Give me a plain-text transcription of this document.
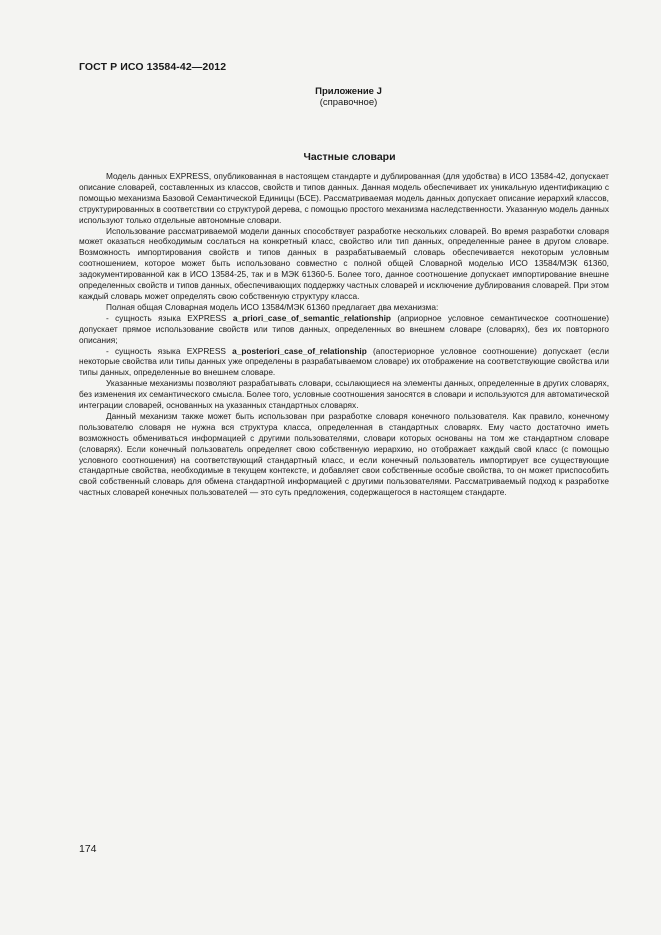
ГОСТ Р ИСО 13584-42—2012
Приложение J
(справочное)
Частные словари

Модель данных EXPRESS, опубликованная в настоящем стандарте и дублированная (для удобства) в ИСО 13584-42, допускает описание словарей, составленных из классов, свойств и типов данных. Данная модель обеспечивает их уникальную идентификацию с помощью механизма Базовой Семантической Единицы (БСЕ). Рассматриваемая модель данных допускает описание иерархий классов, структурированных в соответствии со структурой дерева, с помощью простого механизма наследственности. Указанную модель данных используют только отдельные автономные словари.

Использование рассматриваемой модели данных способствует разработке нескольких словарей. Во время разработки словаря может оказаться необходимым сослаться на конкретный класс, свойство или тип данных, определенные ранее в другом словаре. Возможность импортирования свойств и типов данных в разрабатываемый словарь обеспечивается некоторым условным соотношением, которое может быть использовано совместно с полной общей Словарной моделью ИСО 13584/МЭК 61360, задокументированной как в ИСО 13584-25, так и в МЭК 61360-5. Более того, данное соотношение допускает импортирование внешне определенных свойств и типов данных, обеспечивающих поддержку частных словарей и исключение дублирования словарей. При этом каждый словарь может определять свою собственную структуру класса.

Полная общая Словарная модель ИСО 13584/МЭК 61360 предлагает два механизма:

- сущность языка EXPRESS a_priori_case_of_semantic_relationship (априорное условное семантическое соотношение) допускает прямое использование свойств или типов данных, определенных во внешнем словаре (словарях), без их повторного описания;

- сущность языка EXPRESS a_posteriori_case_of_relationship (апостериорное условное соотношение) допускает (если некоторые свойства или типы данных уже определены в разрабатываемом словаре) их отображение на соответствующие свойства или типы данных, определенные во внешнем словаре.

Указанные механизмы позволяют разрабатывать словари, ссылающиеся на элементы данных, определенные в других словарях, без изменения их семантического смысла. Более того, условные соотношения заносятся в словари и используются для автоматической интеграции словарей, основанных на указанных стандартных словарях.

Данный механизм также может быть использован при разработке словаря конечного пользователя. Как правило, конечному пользователю словаря не нужна вся структура класса, определенная в стандартных словарях. Ему часто достаточно иметь возможность обмениваться информацией с другими пользователями, словари которых основаны на том же стандартном словаре (словарях). Если конечный пользователь определяет свою собственную иерархию, но отображает каждый свой класс (с помощью условного соотношения) на соответствующий стандартный класс, и если конечный пользователь импортирует все существующие стандартные свойства, необходимые в текущем контексте, и добавляет свои собственные особые свойства, то он может приспособить свой собственный словарь для обмена стандартной информацией с другими пользователями. Рассматриваемый подход к разработке частных словарей конечных пользователей — это суть предложения, содержащегося в настоящем стандарте.

174
